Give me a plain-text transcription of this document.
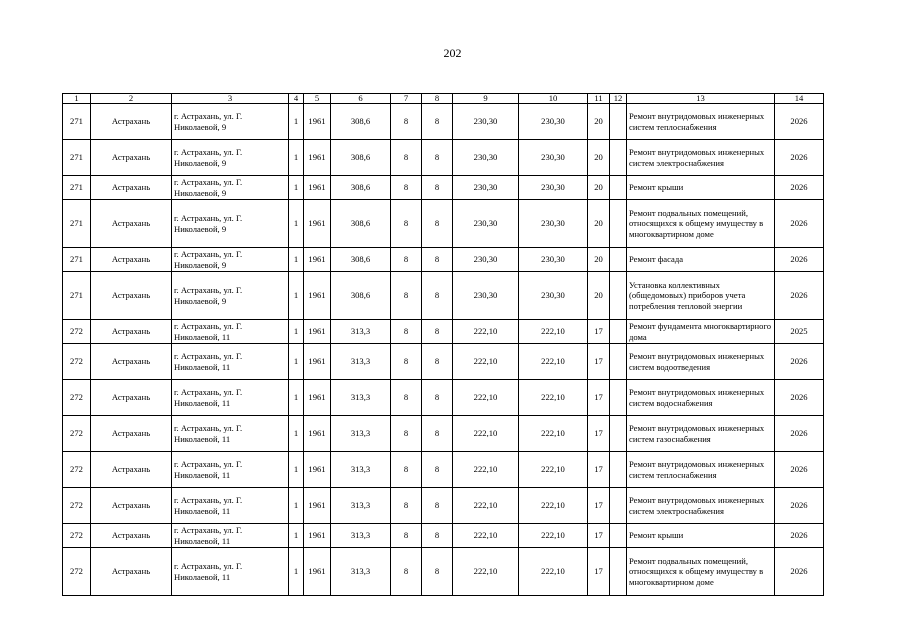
202
1	2	3	4	5	6	7	8	9	10	11	12	13	14
271	Астрахань	г. Астрахань, ул. Г. Николаевой, 9	1	1961	308,6	8	8	230,30	230,30	20		Ремонт внутридомовых инженерных систем теплоснабжения	2026
271	Астрахань	г. Астрахань, ул. Г. Николаевой, 9	1	1961	308,6	8	8	230,30	230,30	20		Ремонт внутридомовых инженерных систем электроснабжения	2026
271	Астрахань	г. Астрахань, ул. Г. Николаевой, 9	1	1961	308,6	8	8	230,30	230,30	20		Ремонт крыши	2026
271	Астрахань	г. Астрахань, ул. Г. Николаевой, 9	1	1961	308,6	8	8	230,30	230,30	20		Ремонт подвальных помещений, относящихся к общему имуществу в многоквартирном доме	2026
271	Астрахань	г. Астрахань, ул. Г. Николаевой, 9	1	1961	308,6	8	8	230,30	230,30	20		Ремонт фасада	2026
271	Астрахань	г. Астрахань, ул. Г. Николаевой, 9	1	1961	308,6	8	8	230,30	230,30	20		Установка коллективных (общедомовых) приборов учета потребления тепловой энергии	2026
272	Астрахань	г. Астрахань, ул. Г. Николаевой, 11	1	1961	313,3	8	8	222,10	222,10	17		Ремонт фундамента многоквартирного дома	2025
272	Астрахань	г. Астрахань, ул. Г. Николаевой, 11	1	1961	313,3	8	8	222,10	222,10	17		Ремонт внутридомовых инженерных систем водоотведения	2026
272	Астрахань	г. Астрахань, ул. Г. Николаевой, 11	1	1961	313,3	8	8	222,10	222,10	17		Ремонт внутридомовых инженерных систем водоснабжения	2026
272	Астрахань	г. Астрахань, ул. Г. Николаевой, 11	1	1961	313,3	8	8	222,10	222,10	17		Ремонт внутридомовых инженерных систем газоснабжения	2026
272	Астрахань	г. Астрахань, ул. Г. Николаевой, 11	1	1961	313,3	8	8	222,10	222,10	17		Ремонт внутридомовых инженерных систем теплоснабжения	2026
272	Астрахань	г. Астрахань, ул. Г. Николаевой, 11	1	1961	313,3	8	8	222,10	222,10	17		Ремонт внутридомовых инженерных систем электроснабжения	2026
272	Астрахань	г. Астрахань, ул. Г. Николаевой, 11	1	1961	313,3	8	8	222,10	222,10	17		Ремонт крыши	2026
272	Астрахань	г. Астрахань, ул. Г. Николаевой, 11	1	1961	313,3	8	8	222,10	222,10	17		Ремонт подвальных помещений, относящихся к общему имуществу в многоквартирном доме	2026
